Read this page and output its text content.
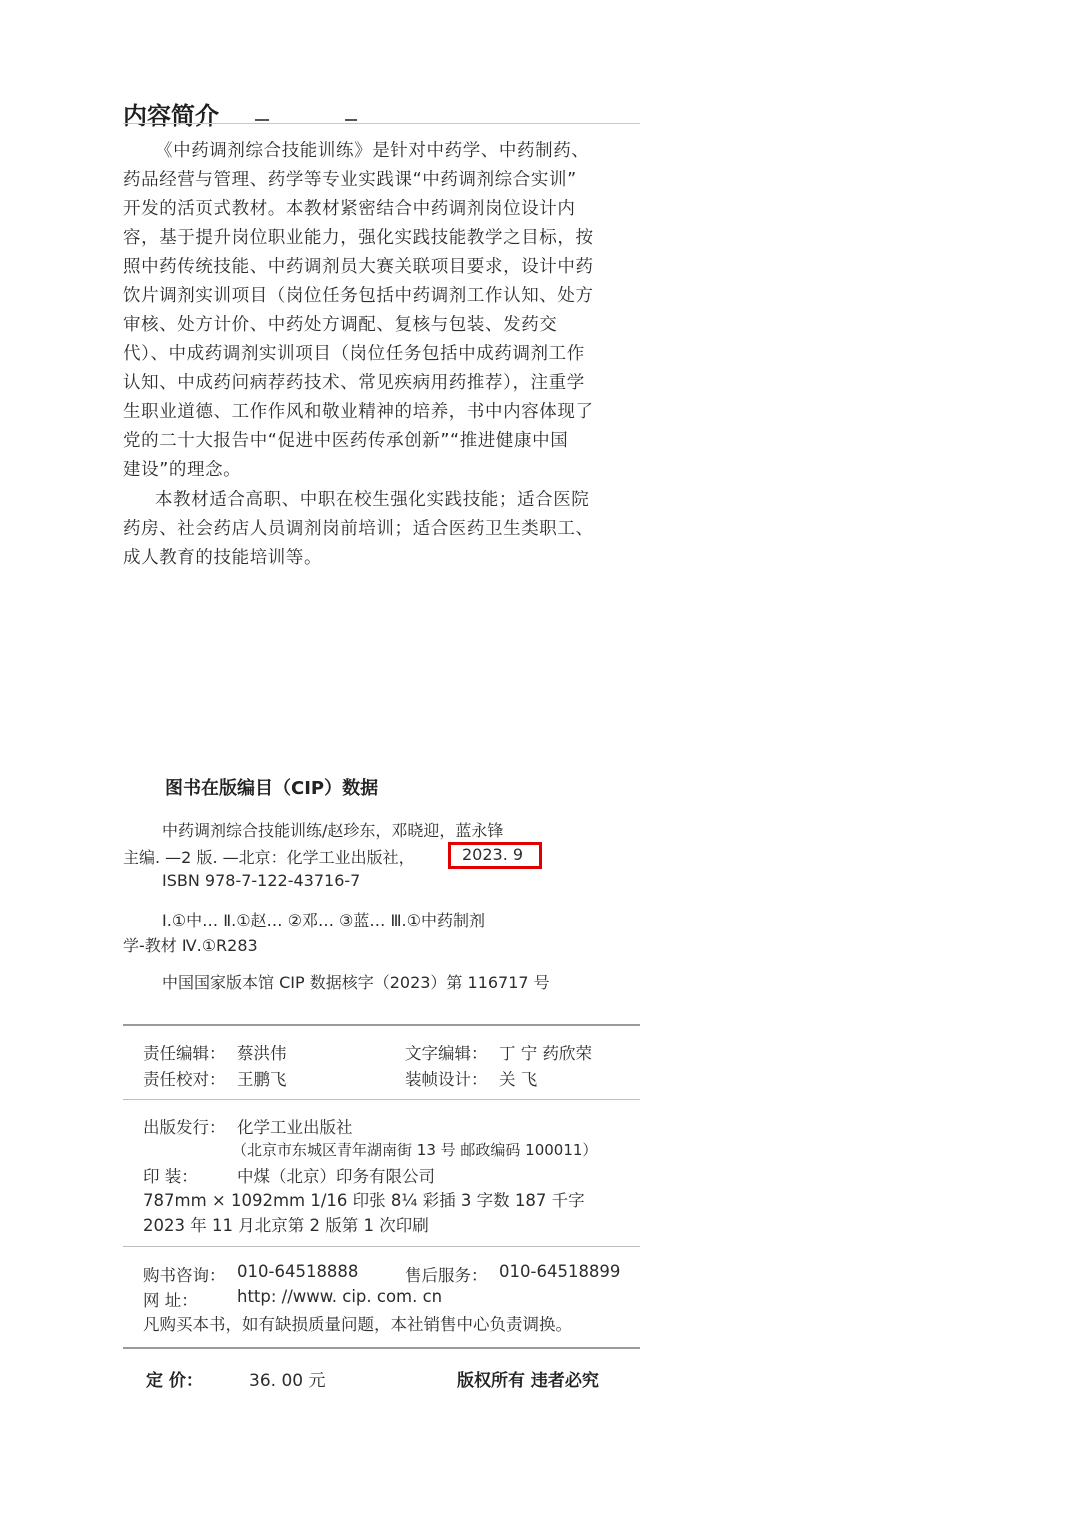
内容简介
《中药调剂综合技能训练》是针对中药学、中药制药、
药品经营与管理、药学等专业实践课“中药调剂综合实训”
开发的活页式教材。本教材紧密结合中药调剂岗位设计内
容，基于提升岗位职业能力，强化实践技能教学之目标，按
照中药传统技能、中药调剂员大赛关联项目要求，设计中药
饮片调剂实训项目（岗位任务包括中药调剂工作认知、处方
审核、处方计价、中药处方调配、复核与包装、发药交
代）、中成药调剂实训项目（岗位任务包括中成药调剂工作
认知、中成药问病荐药技术、常见疾病用药推荐），注重学
生职业道德、工作作风和敬业精神的培养，书中内容体现了
党的二十大报告中“促进中医药传承创新”“推进健康中国
建设”的理念。
本教材适合高职、中职在校生强化实践技能；适合医院
药房、社会药店人员调剂岗前培训；适合医药卫生类职工、
成人教育的技能培训等。
图书在版编目（CIP）数据
中药调剂综合技能训练/赵珍东，邓晓迎，蓝永锋
主编. —2 版. —北京：化学工业出版社，	2023. 9
ISBN 978-7-122-43716-7
Ⅰ.①中… Ⅱ.①赵… ②邓… ③蓝… Ⅲ.①中药制剂
学-教材 Ⅳ.①R283
中国国家版本馆 CIP 数据核字（2023）第 116717 号
责任编辑： 蔡洪伟	文字编辑： 丁 宁 药欣荣
责任校对： 王鹏飞	装帧设计： 关 飞
出版发行： 化学工业出版社
（北京市东城区青年湖南街 13 号 邮政编码 100011）
印 装： 中煤（北京）印务有限公司
787mm × 1092mm 1/16 印张 8¼ 彩插 3 字数 187 千字
2023 年 11 月北京第 2 版第 1 次印刷
购书咨询： 010-64518888	售后服务： 010-64518899
网 址： http: //www. cip. com. cn
凡购买本书，如有缺损质量问题，本社销售中心负责调换。
定 价：	36. 00 元	版权所有 违者必究
